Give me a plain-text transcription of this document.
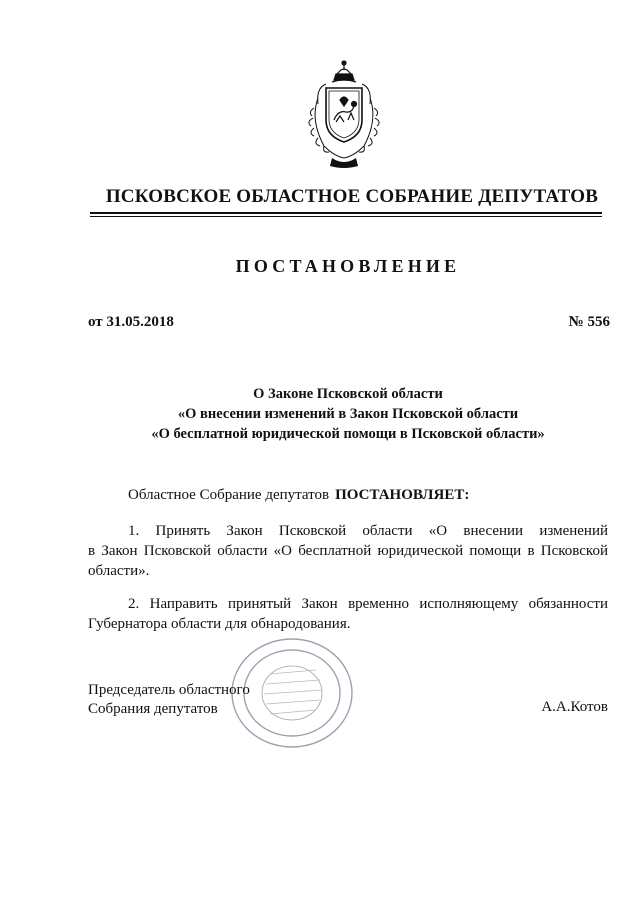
ПСКОВСКОЕ ОБЛАСТНОЕ СОБРАНИЕ ДЕПУТАТОВ
ПОСТАНОВЛЕНИЕ
от 31.05.2018	№ 556
О Законе Псковской области
«О внесении изменений в Закон Псковской области
«О бесплатной юридической помощи в Псковской области»
Областное Собрание депутатов ПОСТАНОВЛЯЕТ:
1. Принять Закон Псковской области «О внесении изменений
в Закон Псковской области «О бесплатной юридической помощи в Псковской
области».
2. Направить принятый Закон временно исполняющему обязанности
Губернатора области для обнародования.
Председатель областного
Собрания депутатов	А.А.Котов
